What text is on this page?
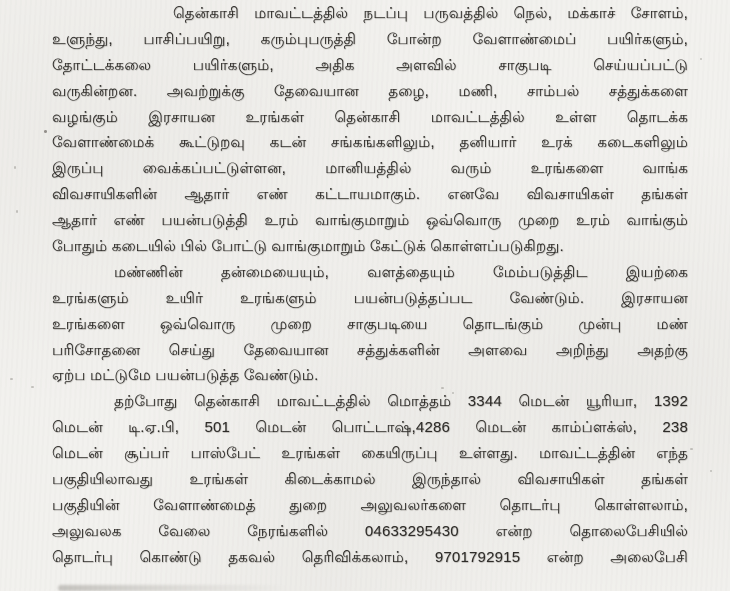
தென்காசி மாவட்டத்தில் நடப்பு பருவத்தில் நெல், மக்காச் சோளம்,
உளுந்து, பாசிப்பயிறு, கரும்புபருத்தி போன்ற வேளாண்மைப் பயிர்களும்,
தோட்டக்கலை பயிர்களும், அதிக அளவில் சாகுபடி செய்யப்பட்டு
வருகின்றன. அவற்றுக்கு தேவையான தழை, மணி, சாம்பல் சத்துக்களை
வழங்கும் இரசாயன உரங்கள் தென்காசி மாவட்டத்தில் உள்ள தொடக்க
வேளாண்மைக் கூட்டுறவு கடன் சங்கங்களிலும், தனியார் உரக் கடைகளிலும்
இருப்பு வைக்கப்பட்டுள்ளன, மானியத்தில் வரும் உரங்களை வாங்க
விவசாயிகளின் ஆதார் எண் கட்டாயமாகும். எனவே விவசாயிகள் தங்கள்
ஆதார் எண் பயன்படுத்தி உரம் வாங்குமாறும் ஒவ்வொரு முறை உரம் வாங்கும்
போதும் கடையில் பில் போட்டு வாங்குமாறும் கேட்டுக் கொள்ளப்படுகிறது.

மண்ணின் தன்மையையும், வளத்தையும் மேம்படுத்திட இயற்கை
உரங்களும் உயிர் உரங்களும் பயன்படுத்தப்பட வேண்டும். இரசாயன
உரங்களை ஒவ்வொரு முறை சாகுபடியை தொடங்கும் முன்பு மண்
பரிசோதனை செய்து தேவையான சத்துக்களின் அளவை அறிந்து அதற்கு
ஏற்ப மட்டுமே பயன்படுத்த வேண்டும்.

தற்போது தென்காசி மாவட்டத்தில் மொத்தம் 3344 மெடன் யூரியா, 1392
மெடன் டி.ஏ.பி, 501 மெடன் பொட்டாஷ்,4286 மெடன் காம்ப்ளக்ஸ், 238
மெடன் சூப்பர் பாஸ்பேட் உரங்கள் கையிருப்பு உள்ளது. மாவட்டத்தின் எந்த
பகுதியிலாவது உரங்கள் கிடைக்காமல் இருந்தால் விவசாயிகள் தங்கள்
பகுதியின் வேளாண்மைத் துறை அலுவலர்களை தொடர்பு கொள்ளலாம்,
அலுவலக வேலை நேரங்களில் 04633295430 என்ற தொலைபேசியில்
தொடர்பு கொண்டு தகவல் தெரிவிக்கலாம், 9701792915 என்ற அலைபேசி
